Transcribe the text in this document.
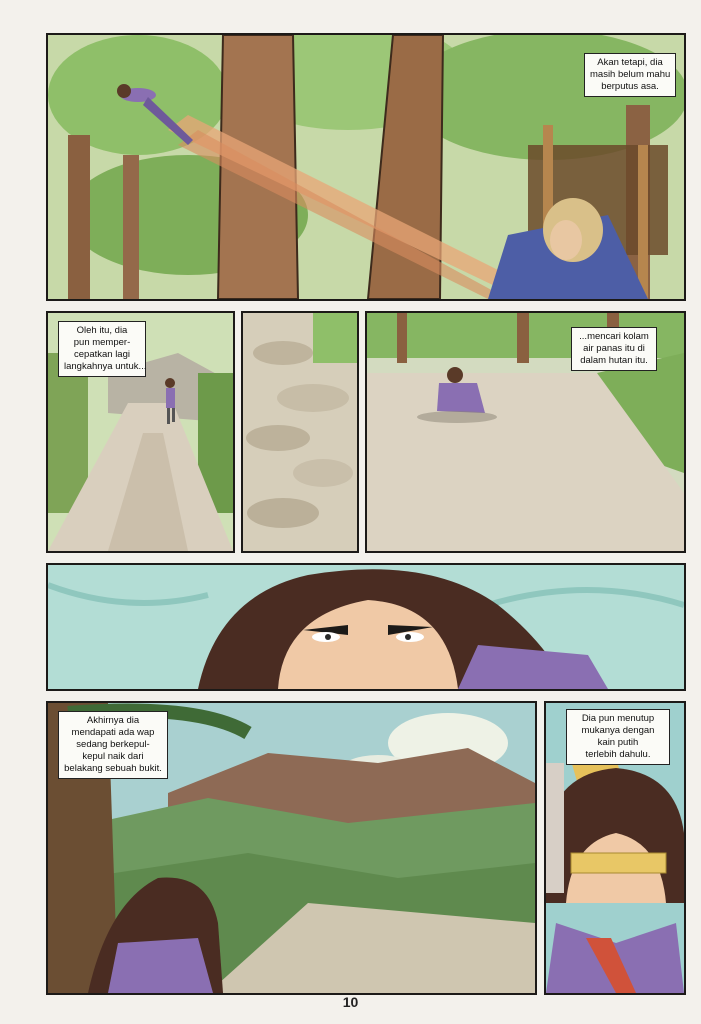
Akan tetapi, dia
masih belum mahu
berputus asa.
Oleh itu, dia
pun memper-
cepatkan lagi
langkahnya untuk...
...mencari kolam
air panas itu di
dalam hutan itu.
Akhirnya dia
mendapati ada wap
sedang berkepul-
kepul naik dari
belakang sebuah bukit.
Dia pun menutup
mukanya dengan
kain putih
terlebih dahulu.
10
